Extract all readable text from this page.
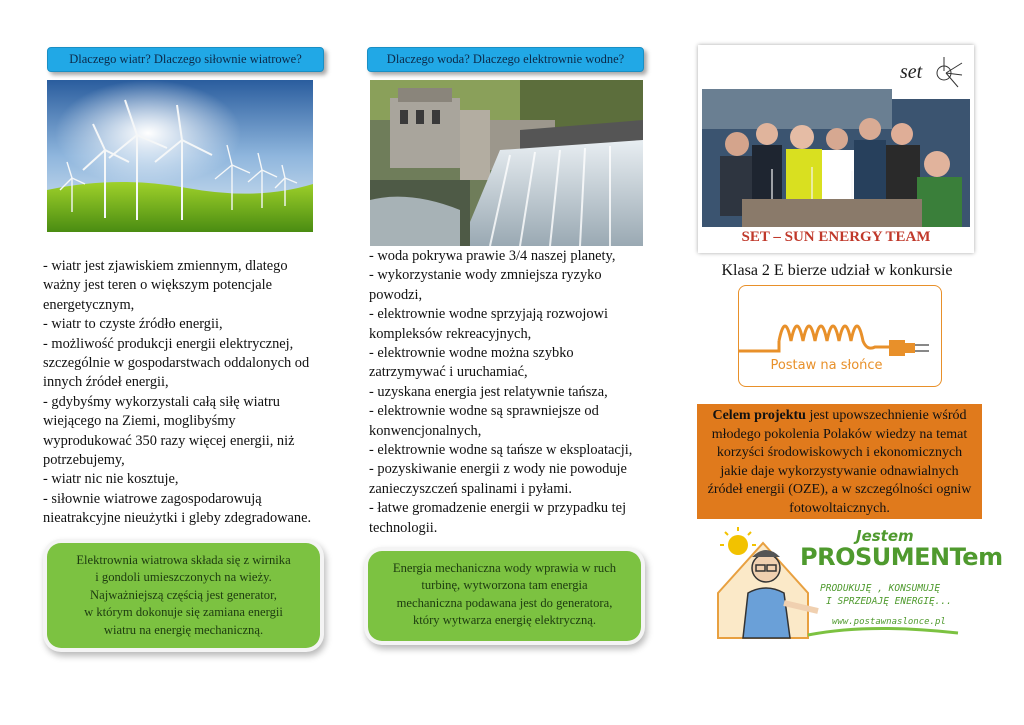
Dlaczego wiatr? Dlaczego siłownie wiatrowe?
- wiatr jest zjawiskiem zmiennym, dlatego
ważny jest teren o większym potencjale
energetycznym,
- wiatr to czyste źródło energii,
- możliwość produkcji energii elektrycznej,
szczególnie w gospodarstwach oddalonych od
innych źródeł energii,
- gdybyśmy wykorzystali całą siłę wiatru
wiejącego na Ziemi, moglibyśmy
wyprodukować 350 razy więcej energii, niż
potrzebujemy,
- wiatr nic nie kosztuje,
- siłownie wiatrowe zagospodarowują
nieatrakcyjne nieużytki i gleby zdegradowane.
Elektrownia wiatrowa składa się z wirnika
i gondoli umieszczonych na wieży.
Najważniejszą częścią jest generator,
w którym dokonuje się zamiana energii
wiatru na energię mechaniczną.
Dlaczego woda? Dlaczego elektrownie wodne?
- woda pokrywa prawie 3/4 naszej planety,
- wykorzystanie wody zmniejsza ryzyko
powodzi,
- elektrownie wodne sprzyjają rozwojowi
kompleksów rekreacyjnych,
- elektrownie wodne można szybko
zatrzymywać i uruchamiać,
- uzyskana energia jest relatywnie tańsza,
- elektrownie wodne są sprawniejsze od
konwencjonalnych,
- elektrownie wodne są tańsze w eksploatacji,
- pozyskiwanie energii z wody nie powoduje
zanieczyszczeń spalinami i pyłami.
- łatwe gromadzenie energii w przypadku tej
technologii.
Energia mechaniczna wody wprawia w ruch
turbinę, wytworzona tam energia
mechaniczna podawana jest do generatora,
który wytwarza energię elektryczną.
set
SET – SUN ENERGY TEAM
Klasa 2 E bierze udział w konkursie
Postaw na słońce
Celem projektu jest upowszechnienie wśród
młodego pokolenia Polaków wiedzy na temat
korzyści środowiskowych i ekonomicznych
jakie daje wykorzystywanie odnawialnych
źródeł energii (OZE), a w szczególności ogniw
fotowoltaicznych.
Jestem
PROSUMENTem
PRODUKUJĘ , KONSUMUJĘ
I SPRZEDAJĘ ENERGIĘ...
www.postawnaslonce.pl
